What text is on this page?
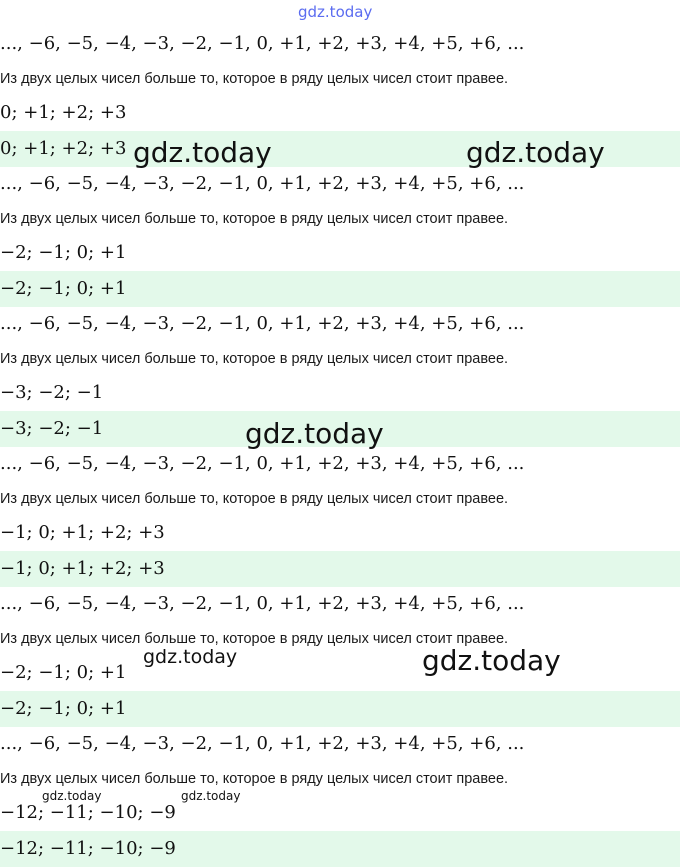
..., −6, −5, −4, −3, −2, −1, 0, +1, +2, +3, +4, +5, +6, ...
Из двух целых чисел больше то, которое в ряду целых чисел стоит правее.
0; +1; +2; +3
0; +1; +2; +3
..., −6, −5, −4, −3, −2, −1, 0, +1, +2, +3, +4, +5, +6, ...
Из двух целых чисел больше то, которое в ряду целых чисел стоит правее.
−2; −1; 0; +1
−2; −1; 0; +1
..., −6, −5, −4, −3, −2, −1, 0, +1, +2, +3, +4, +5, +6, ...
Из двух целых чисел больше то, которое в ряду целых чисел стоит правее.
−3; −2; −1
−3; −2; −1
..., −6, −5, −4, −3, −2, −1, 0, +1, +2, +3, +4, +5, +6, ...
Из двух целых чисел больше то, которое в ряду целых чисел стоит правее.
−1; 0; +1; +2; +3
−1; 0; +1; +2; +3
..., −6, −5, −4, −3, −2, −1, 0, +1, +2, +3, +4, +5, +6, ...
Из двух целых чисел больше то, которое в ряду целых чисел стоит правее.
−2; −1; 0; +1
−2; −1; 0; +1
..., −6, −5, −4, −3, −2, −1, 0, +1, +2, +3, +4, +5, +6, ...
Из двух целых чисел больше то, которое в ряду целых чисел стоит правее.
−12; −11; −10; −9
−12; −11; −10; −9
gdz.today
gdz.today	gdz.today
gdz.today
gdz.today	gdz.today
gdz.today	gdz.today
